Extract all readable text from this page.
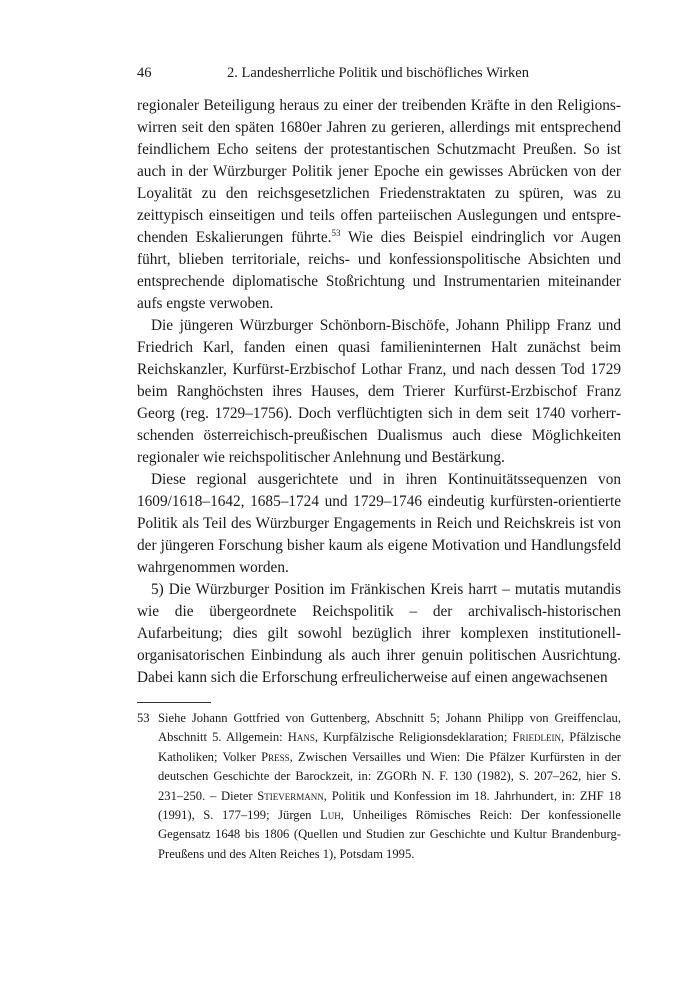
46	2. Landesherrliche Politik und bischöfliches Wirken

regionaler Beteiligung heraus zu einer der treibenden Kräfte in den Religionswirren seit den späten 1680er Jahren zu gerieren, allerdings mit entsprechend feindlichem Echo seitens der protestantischen Schutzmacht Preußen. So ist auch in der Würzburger Politik jener Epoche ein gewisses Abrücken von der Loyalität zu den reichsgesetzlichen Friedenstraktaten zu spüren, was zu zeittypisch einseitigen und teils offen parteiischen Auslegungen und entsprechenden Eskalierungen führte.$^{53}$ Wie dies Beispiel eindringlich vor Augen führt, blieben territoriale, reichs- und konfessionspolitische Absichten und entsprechende diplomatische Stoßrichtung und Instrumentarien miteinander aufs engste verwoben.

Die jüngeren Würzburger Schönborn-Bischöfe, Johann Philipp Franz und Friedrich Karl, fanden einen quasi familieninternen Halt zunächst beim Reichskanzler, Kurfürst-Erzbischof Lothar Franz, und nach dessen Tod 1729 beim Ranghöchsten ihres Hauses, dem Trierer Kurfürst-Erzbischof Franz Georg (reg. 1729–1756). Doch verflüchtigten sich in dem seit 1740 vorherrschenden österreichisch-preußischen Dualismus auch diese Möglichkeiten regionaler wie reichspolitischer Anlehnung und Bestärkung.

Diese regional ausgerichtete und in ihren Kontinuitätssequenzen von 1609/1618–1642, 1685–1724 und 1729–1746 eindeutig kurfürsten-orientierte Politik als Teil des Würzburger Engagements in Reich und Reichskreis ist von der jüngeren Forschung bisher kaum als eigene Motivation und Handlungsfeld wahrgenommen worden.

5) Die Würzburger Position im Fränkischen Kreis harrt – mutatis mutandis wie die übergeordnete Reichspolitik – der archivalisch-historischen Aufarbeitung; dies gilt sowohl bezüglich ihrer komplexen institutionell-organisatorischen Einbindung als auch ihrer genuin politischen Ausrichtung. Dabei kann sich die Erforschung erfreulicherweise auf einen angewachsenen

53 Siehe Johann Gottfried von Guttenberg, Abschnitt 5; Johann Philipp von Greiffenclau, Abschnitt 5. Allgemein: Hans, Kurpfälzische Religionsdeklaration; Friedlein, Pfälzische Katholiken; Volker Press, Zwischen Versailles und Wien: Die Pfälzer Kurfürsten in der deutschen Geschichte der Barockzeit, in: ZGORh N. F. 130 (1982), S. 207–262, hier S. 231–250. – Dieter Stievermann, Politik und Konfession im 18. Jahrhundert, in: ZHF 18 (1991), S. 177–199; Jürgen Luh, Unheiliges Römisches Reich: Der konfessionelle Gegensatz 1648 bis 1806 (Quellen und Studien zur Geschichte und Kultur Brandenburg-Preußens und des Alten Reiches 1), Potsdam 1995.
